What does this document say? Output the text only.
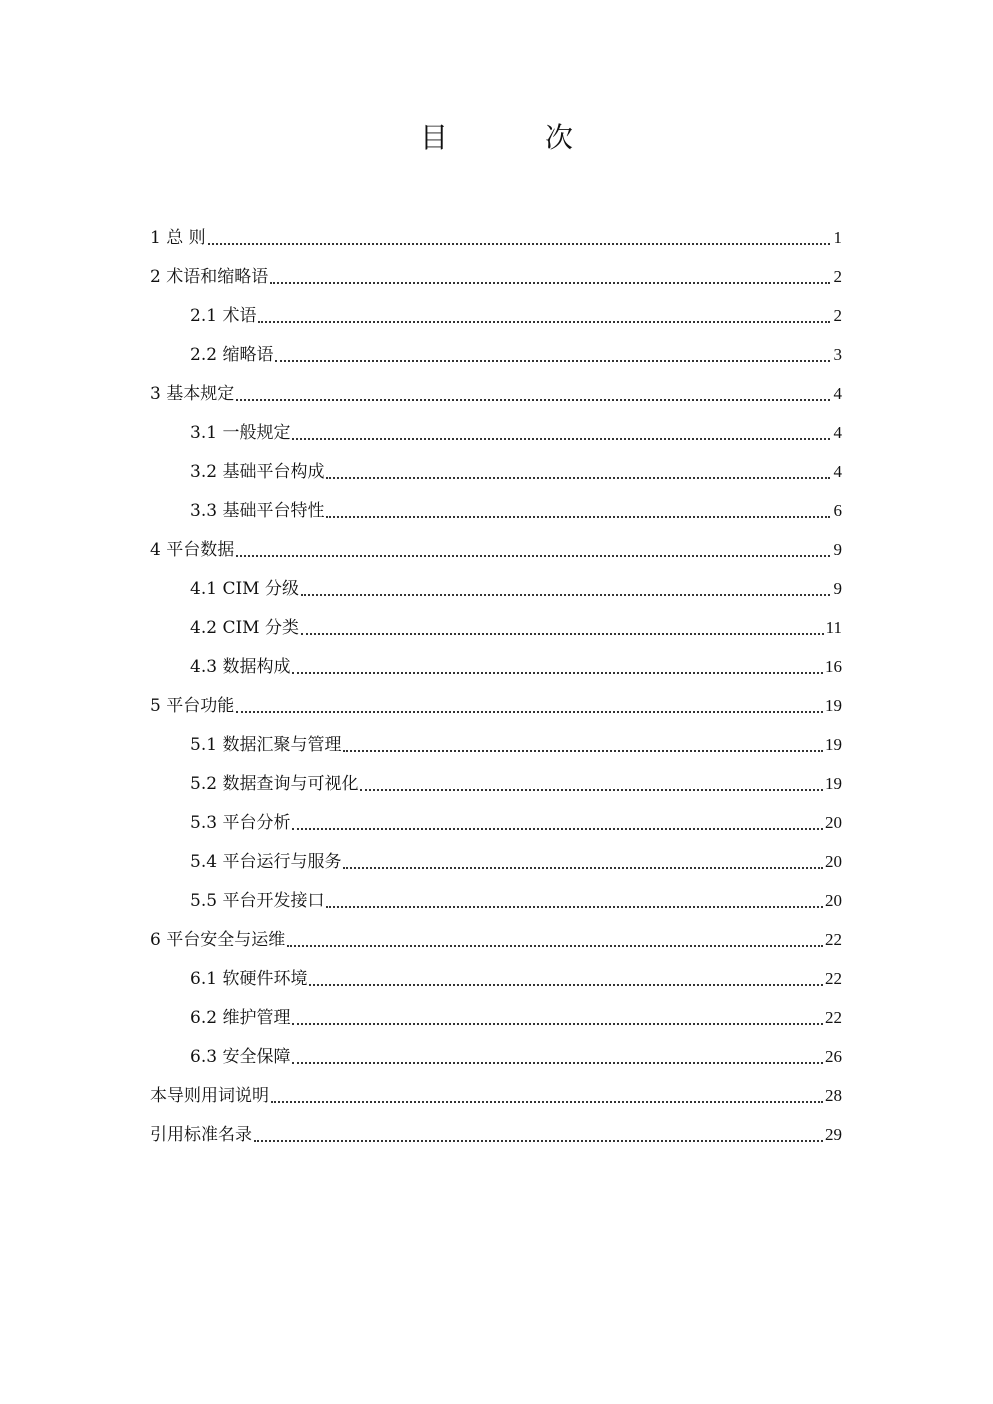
目 次
1 总 则	1
2 术语和缩略语	2
2.1 术语	2
2.2 缩略语	3
3 基本规定	4
3.1 一般规定	4
3.2 基础平台构成	4
3.3 基础平台特性	6
4 平台数据	9
4.1 CIM 分级	9
4.2 CIM 分类	11
4.3 数据构成	16
5 平台功能	19
5.1 数据汇聚与管理	19
5.2 数据查询与可视化	19
5.3 平台分析	20
5.4 平台运行与服务	20
5.5 平台开发接口	20
6 平台安全与运维	22
6.1 软硬件环境	22
6.2 维护管理	22
6.3 安全保障	26
本导则用词说明	28
引用标准名录	29
